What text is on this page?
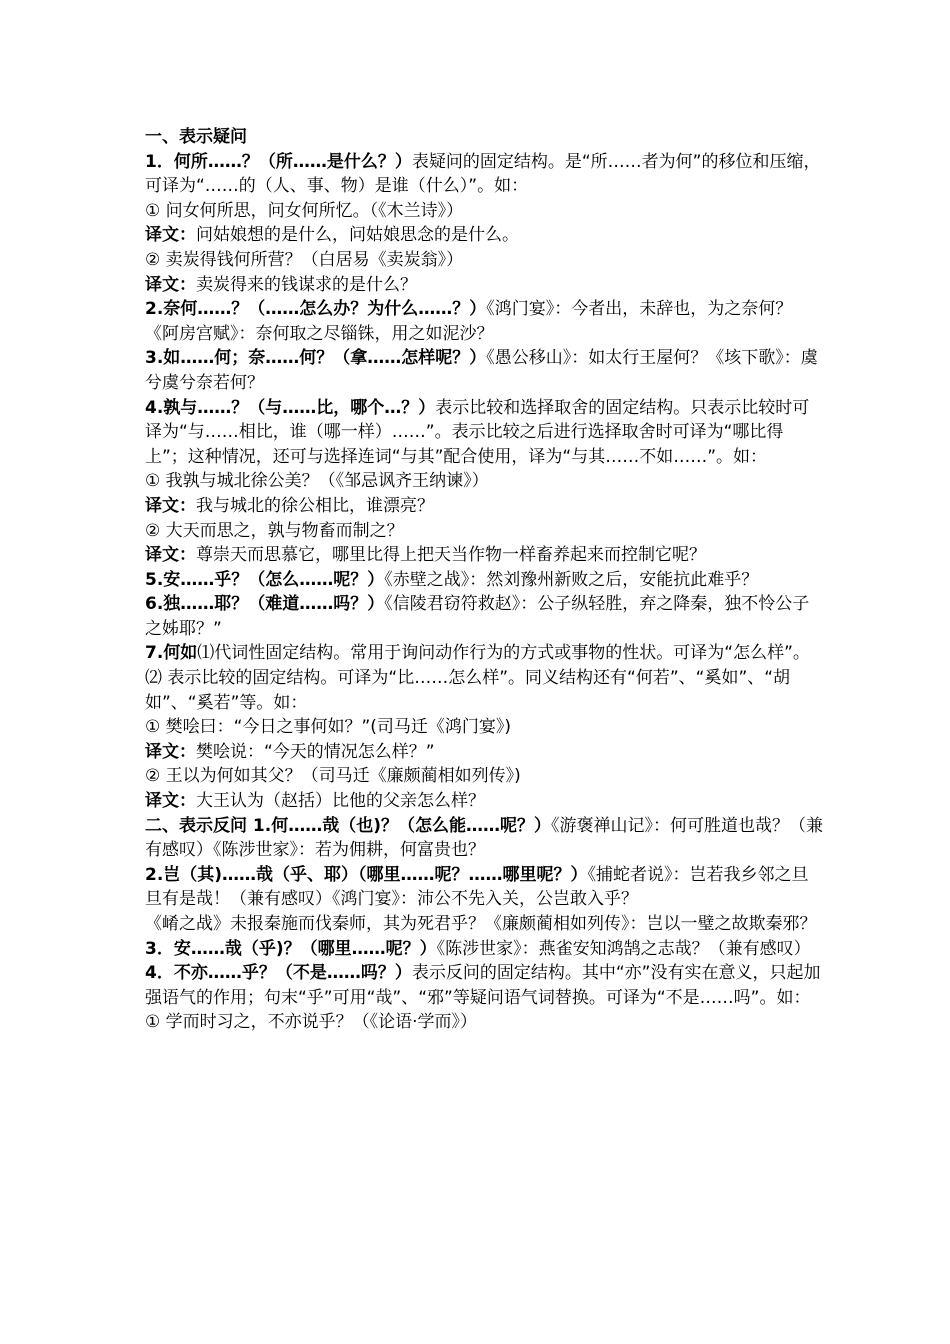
一、表示疑问

1．何所……？（所……是什么？）表疑问的固定结构。是“所……者为何”的移位和压缩，可译为“……的（人、事、物）是谁（什么）”。如：

① 问女何所思，问女何所忆。（《木兰诗》）

译文：问姑娘想的是什么，问姑娘思念的是什么。

② 卖炭得钱何所营？（白居易《卖炭翁》）

译文：卖炭得来的钱谋求的是什么？

2.奈何……？（……怎么办？为什么……？）《鸿门宴》：今者出，未辞也，为之奈何？《阿房宫赋》：奈何取之尽锱铢，用之如泥沙？

3.如……何；奈……何？（拿……怎样呢？）《愚公移山》：如太行王屋何？《垓下歌》：虞兮虞兮奈若何？

4.孰与……？（与……比，哪个…？）表示比较和选择取舍的固定结构。只表示比较时可译为“与……相比，谁（哪一样）……”。表示比较之后进行选择取舍时可译为“哪比得上”；这种情况，还可与选择连词“与其”配合使用，译为“与其……不如……”。如：

① 我孰与城北徐公美？（《邹忌讽齐王纳谏》）

译文：我与城北的徐公相比，谁漂亮？

② 大天而思之，孰与物畜而制之？

译文：尊崇天而思慕它，哪里比得上把天当作物一样畜养起来而控制它呢？

5.安……乎？（怎么……呢？）《赤壁之战》：然刘豫州新败之后，安能抗此难乎？

6.独……耶？（难道……吗？）《信陵君窃符救赵》：公子纵轻胜，弃之降秦，独不怜公子之姊耶？”

7.何如⑴代词性固定结构。常用于询问动作行为的方式或事物的性状。可译为“怎么样”。

⑵ 表示比较的固定结构。可译为“比……怎么样”。同义结构还有“何若”、“奚如”、“胡如”、“奚若”等。如：

① 樊哙曰：“今日之事何如？”(司马迁《鸿门宴》)

译文：樊哙说：“今天的情况怎么样？”

② 王以为何如其父？（司马迁《廉颇蔺相如列传》)

译文：大王认为（赵括）比他的父亲怎么样？

二、表示反问 1.何……哉（也)？（怎么能……呢？）《游褒禅山记》：何可胜道也哉？（兼有感叹）《陈涉世家》：若为佣耕，何富贵也？

2.岂（其)……哉（乎、耶）（哪里……呢？……哪里呢？）《捕蛇者说》：岂若我乡邻之旦旦有是哉！（兼有感叹）《鸿门宴》：沛公不先入关，公岂敢入乎？

《崤之战》未报秦施而伐秦师，其为死君乎？《廉颇蔺相如列传》：岂以一璧之故欺秦邪？

3．安……哉（乎)？（哪里……呢？）《陈涉世家》：燕雀安知鸿鹄之志哉？（兼有感叹）

4．不亦……乎？（不是……吗？）表示反问的固定结构。其中“亦”没有实在意义，只起加强语气的作用；句末“乎”可用“哉”、“邪”等疑问语气词替换。可译为“不是……吗”。如：

① 学而时习之，不亦说乎？（《论语·学而》）
